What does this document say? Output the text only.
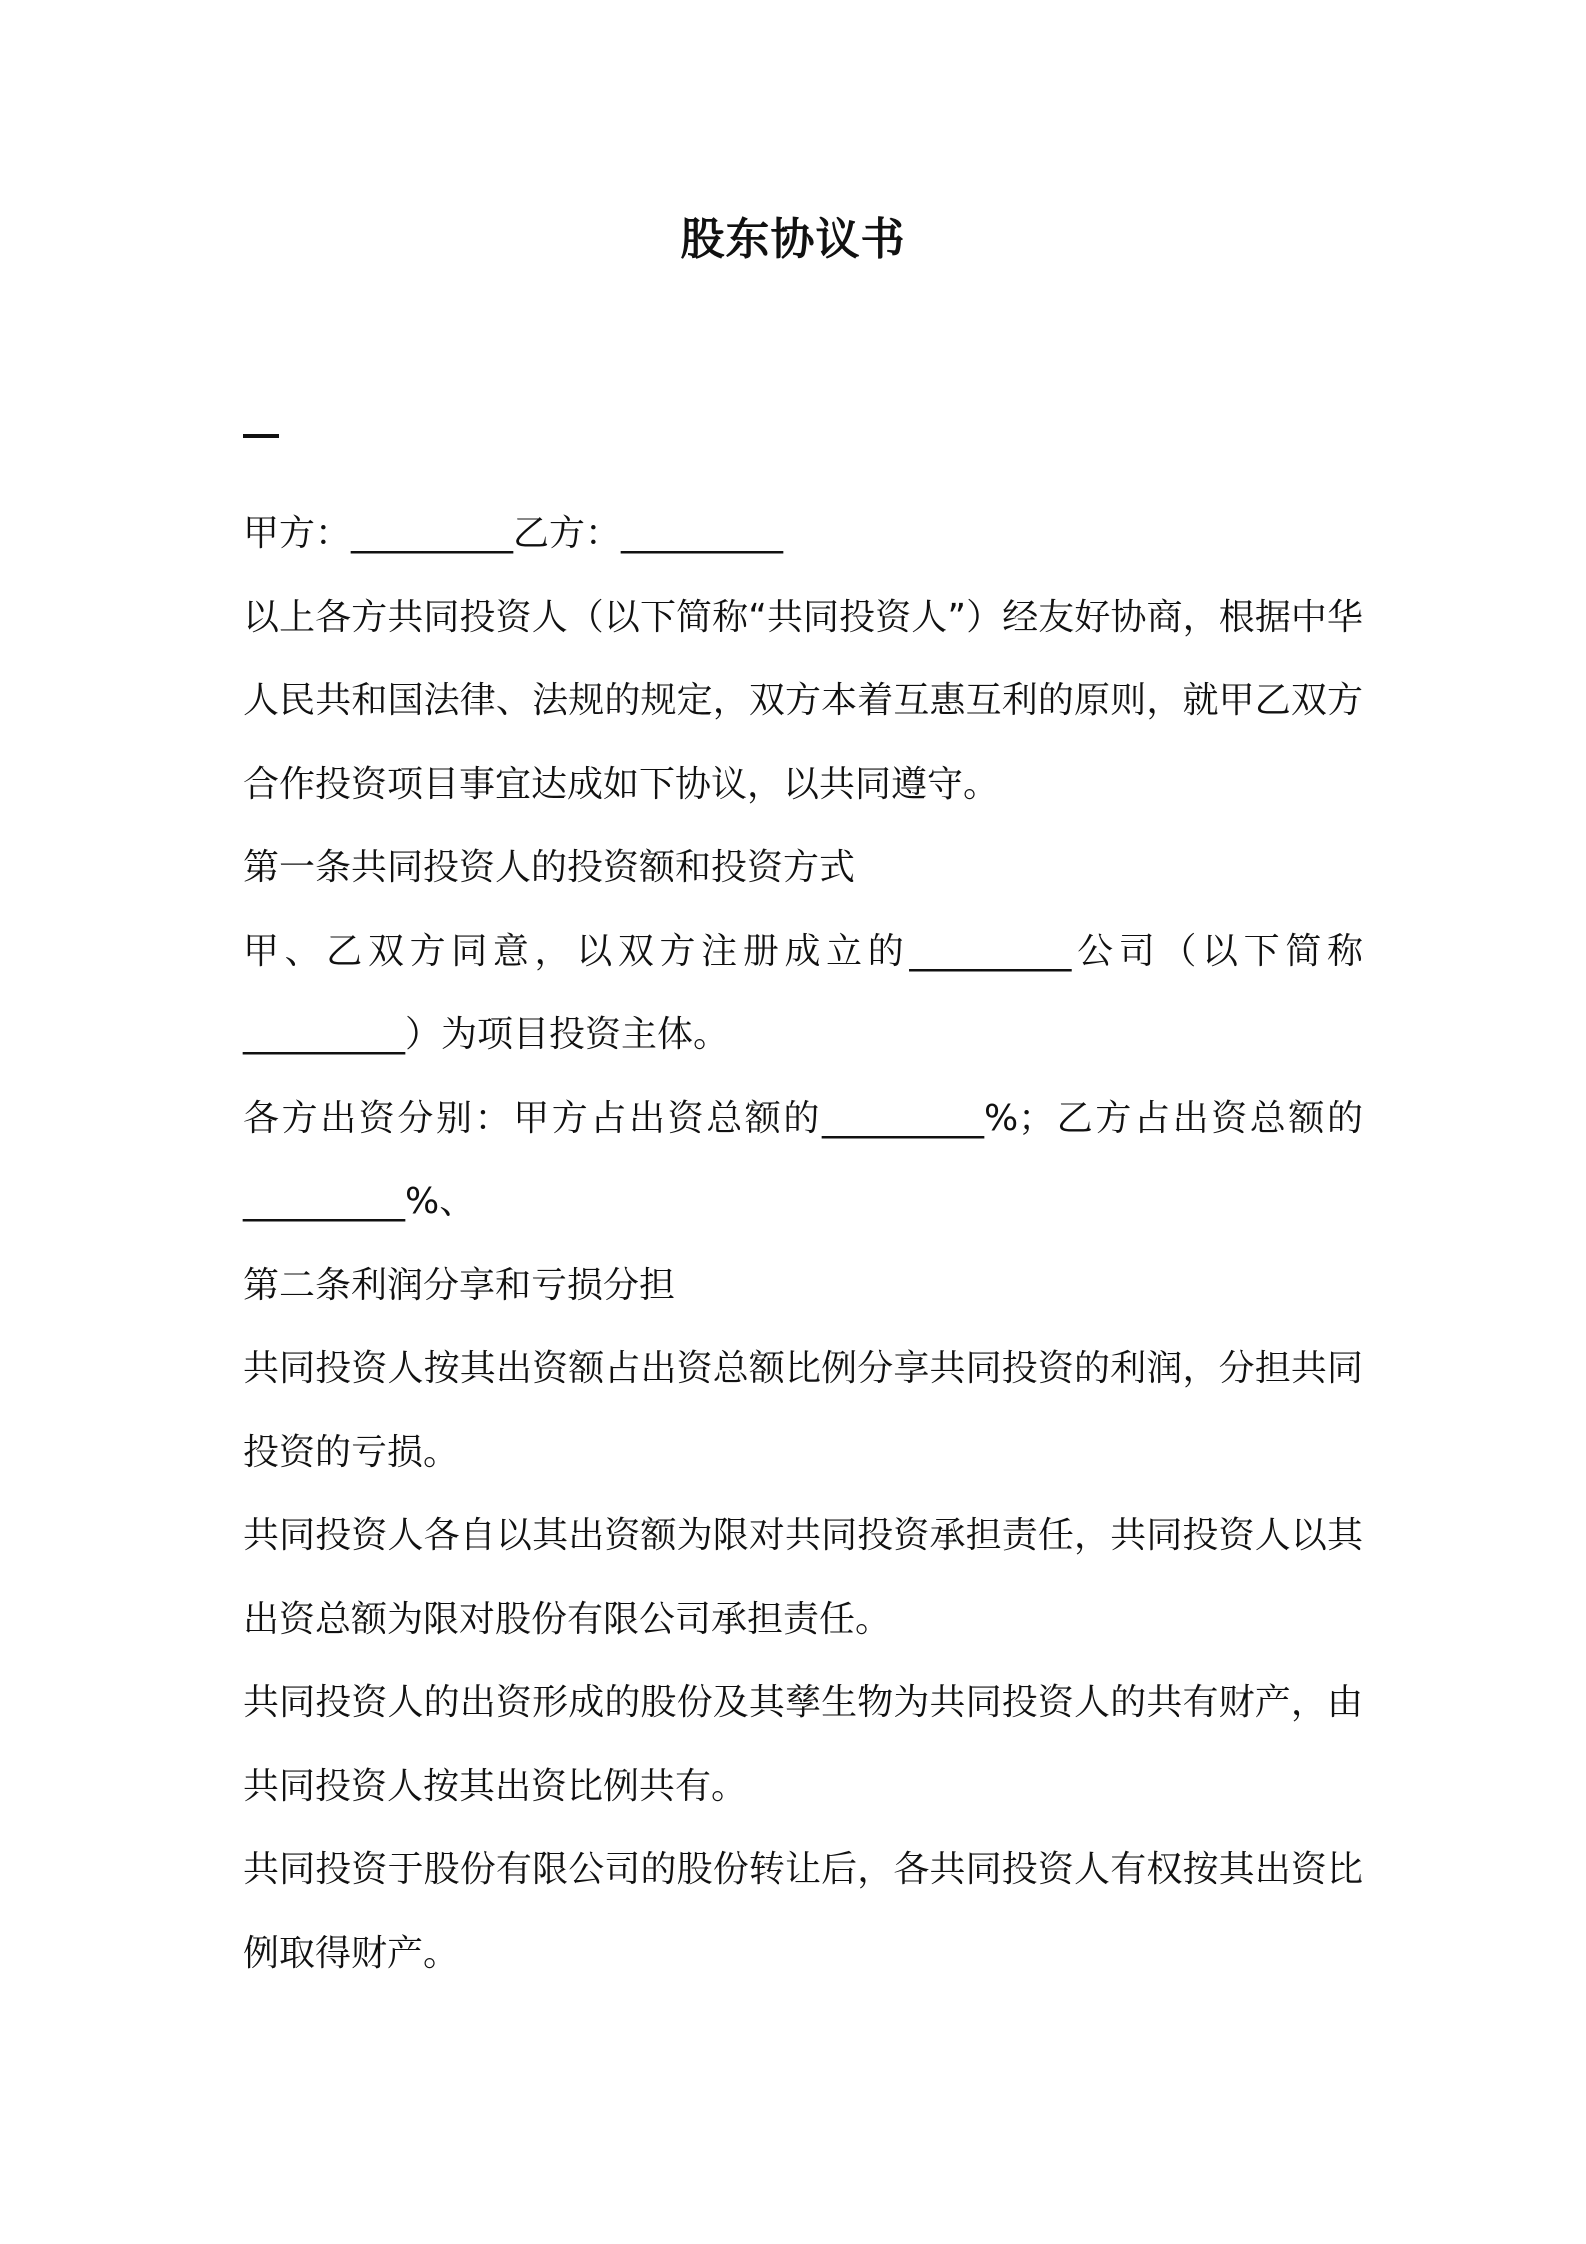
股东协议书

甲方：_________乙方：_________

以上各方共同投资人（以下简称“共同投资人”）经友好协商，根据中华人民共和国法律、法规的规定，双方本着互惠互利的原则，就甲乙双方合作投资项目事宜达成如下协议，以共同遵守。

第一条共同投资人的投资额和投资方式

甲、乙双方同意，以双方注册成立的_________公司（以下简称_________）为项目投资主体。

各方出资分别：甲方占出资总额的_________%；乙方占出资总额的_________%、

第二条利润分享和亏损分担

共同投资人按其出资额占出资总额比例分享共同投资的利润，分担共同投资的亏损。

共同投资人各自以其出资额为限对共同投资承担责任，共同投资人以其出资总额为限对股份有限公司承担责任。

共同投资人的出资形成的股份及其孳生物为共同投资人的共有财产，由共同投资人按其出资比例共有。

共同投资于股份有限公司的股份转让后，各共同投资人有权按其出资比例取得财产。
